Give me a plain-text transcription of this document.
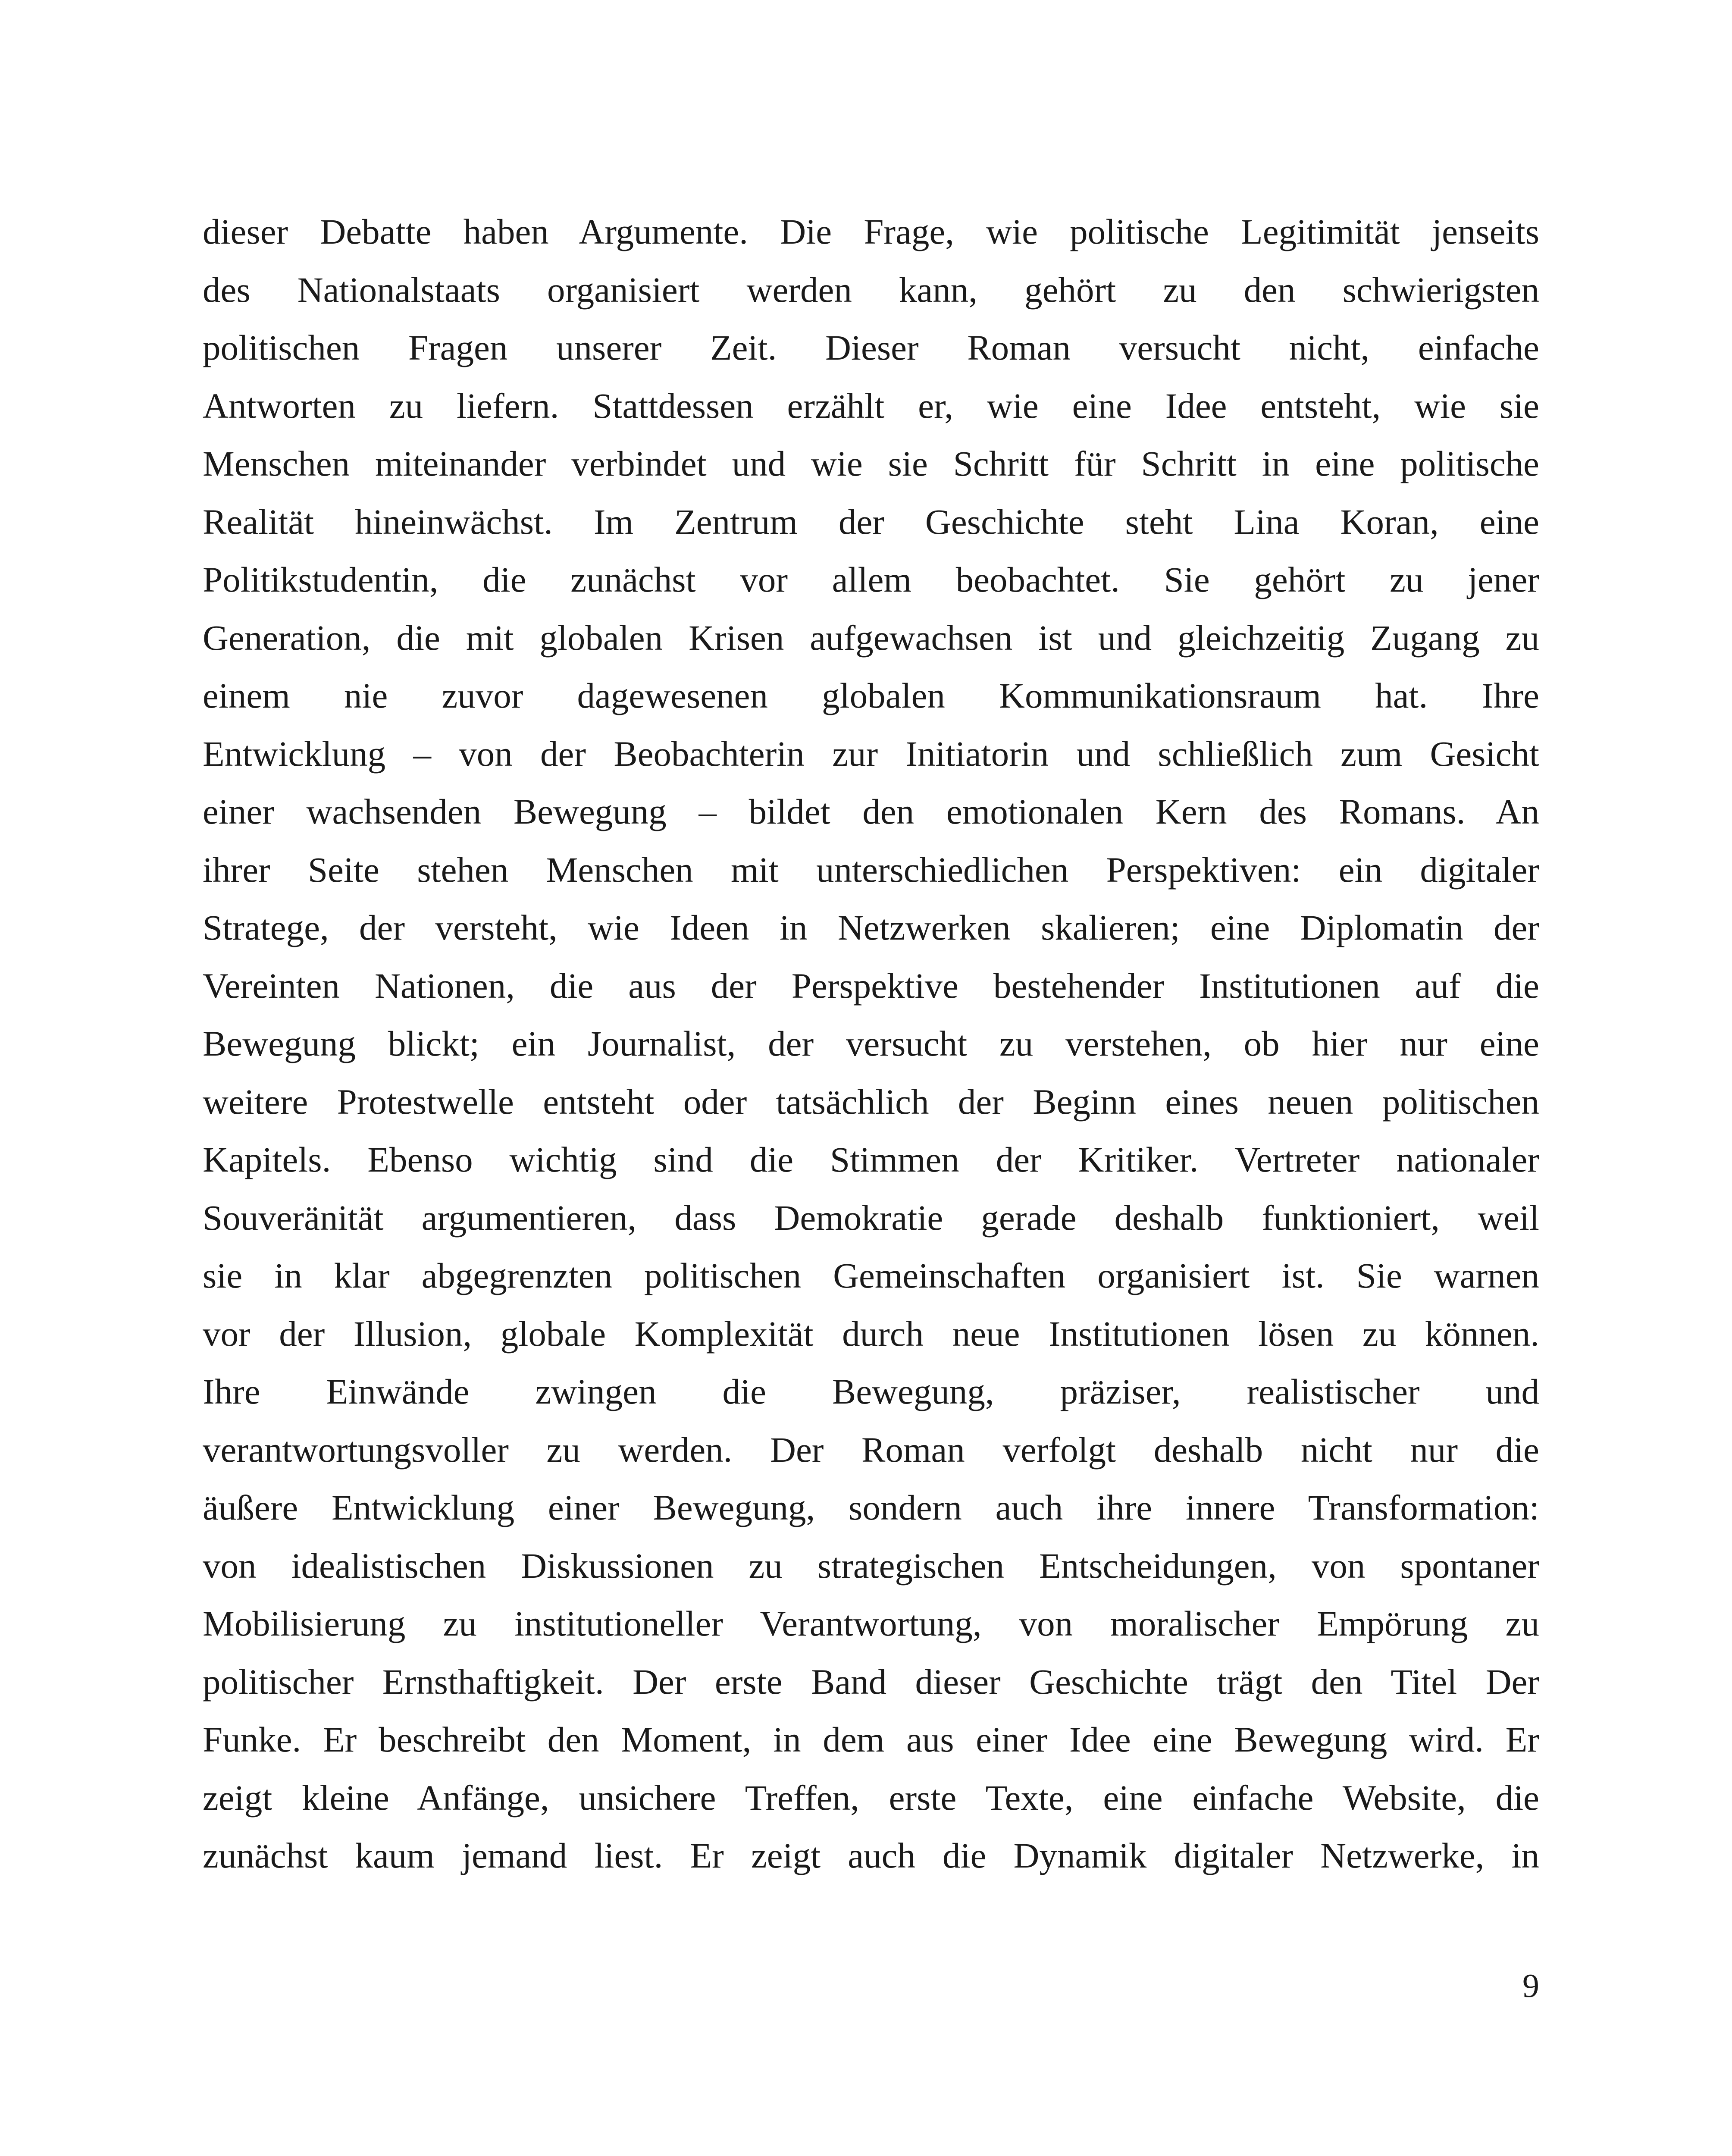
dieser Debatte haben Argumente. Die Frage, wie politische Legitimität jenseits
des Nationalstaats organisiert werden kann, gehört zu den schwierigsten
politischen Fragen unserer Zeit. Dieser Roman versucht nicht, einfache
Antworten zu liefern. Stattdessen erzählt er, wie eine Idee entsteht, wie sie
Menschen miteinander verbindet und wie sie Schritt für Schritt in eine politische
Realität hineinwächst. Im Zentrum der Geschichte steht Lina Koran, eine
Politikstudentin, die zunächst vor allem beobachtet. Sie gehört zu jener
Generation, die mit globalen Krisen aufgewachsen ist und gleichzeitig Zugang zu
einem nie zuvor dagewesenen globalen Kommunikationsraum hat. Ihre
Entwicklung – von der Beobachterin zur Initiatorin und schließlich zum Gesicht
einer wachsenden Bewegung – bildet den emotionalen Kern des Romans. An
ihrer Seite stehen Menschen mit unterschiedlichen Perspektiven: ein digitaler
Stratege, der versteht, wie Ideen in Netzwerken skalieren; eine Diplomatin der
Vereinten Nationen, die aus der Perspektive bestehender Institutionen auf die
Bewegung blickt; ein Journalist, der versucht zu verstehen, ob hier nur eine
weitere Protestwelle entsteht oder tatsächlich der Beginn eines neuen politischen
Kapitels. Ebenso wichtig sind die Stimmen der Kritiker. Vertreter nationaler
Souveränität argumentieren, dass Demokratie gerade deshalb funktioniert, weil
sie in klar abgegrenzten politischen Gemeinschaften organisiert ist. Sie warnen
vor der Illusion, globale Komplexität durch neue Institutionen lösen zu können.
Ihre Einwände zwingen die Bewegung, präziser, realistischer und
verantwortungsvoller zu werden. Der Roman verfolgt deshalb nicht nur die
äußere Entwicklung einer Bewegung, sondern auch ihre innere Transformation:
von idealistischen Diskussionen zu strategischen Entscheidungen, von spontaner
Mobilisierung zu institutioneller Verantwortung, von moralischer Empörung zu
politischer Ernsthaftigkeit. Der erste Band dieser Geschichte trägt den Titel Der
Funke. Er beschreibt den Moment, in dem aus einer Idee eine Bewegung wird. Er
zeigt kleine Anfänge, unsichere Treffen, erste Texte, eine einfache Website, die
zunächst kaum jemand liest. Er zeigt auch die Dynamik digitaler Netzwerke, in
9
